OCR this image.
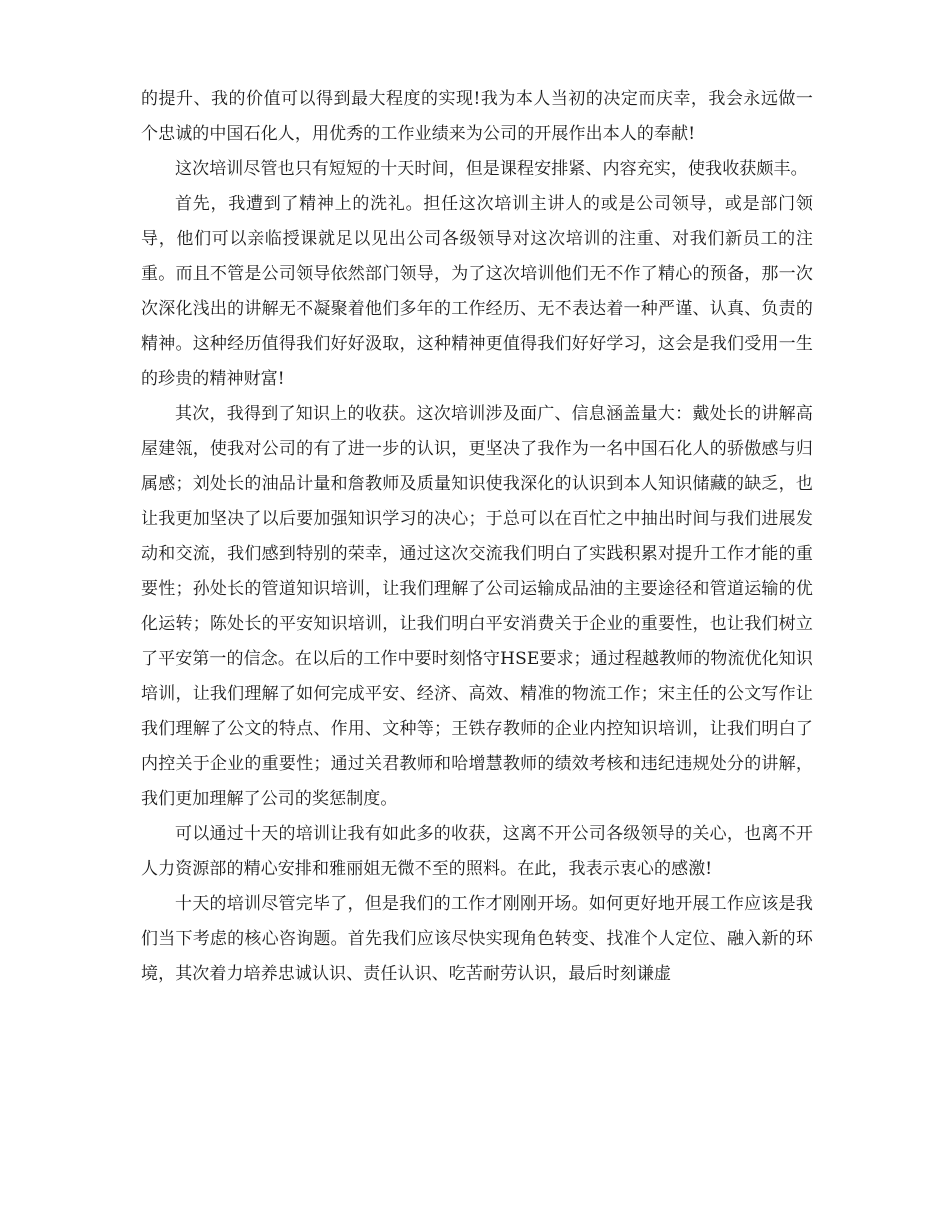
的提升、我的价值可以得到最大程度的实现!我为本人当初的决定而庆幸，我会永远做一个忠诚的中国石化人，用优秀的工作业绩来为公司的开展作出本人的奉献!

这次培训尽管也只有短短的十天时间，但是课程安排紧、内容充实，使我收获颇丰。

首先，我遭到了精神上的洗礼。担任这次培训主讲人的或是公司领导，或是部门领导，他们可以亲临授课就足以见出公司各级领导对这次培训的注重、对我们新员工的注重。而且不管是公司领导依然部门领导，为了这次培训他们无不作了精心的预备，那一次次深化浅出的讲解无不凝聚着他们多年的工作经历、无不表达着一种严谨、认真、负责的精神。这种经历值得我们好好汲取，这种精神更值得我们好好学习，这会是我们受用一生的珍贵的精神财富!

其次，我得到了知识上的收获。这次培训涉及面广、信息涵盖量大：戴处长的讲解高屋建瓴，使我对公司的有了进一步的认识，更坚决了我作为一名中国石化人的骄傲感与归属感；刘处长的油品计量和詹教师及质量知识使我深化的认识到本人知识储藏的缺乏，也让我更加坚决了以后要加强知识学习的决心；于总可以在百忙之中抽出时间与我们进展发动和交流，我们感到特别的荣幸，通过这次交流我们明白了实践积累对提升工作才能的重要性；孙处长的管道知识培训，让我们理解了公司运输成品油的主要途径和管道运输的优化运转；陈处长的平安知识培训，让我们明白平安消费关于企业的重要性，也让我们树立了平安第一的信念。在以后的工作中要时刻恪守HSE要求；通过程越教师的物流优化知识培训，让我们理解了如何完成平安、经济、高效、精准的物流工作；宋主任的公文写作让我们理解了公文的特点、作用、文种等；王铁存教师的企业内控知识培训，让我们明白了内控关于企业的重要性；通过关君教师和哈增慧教师的绩效考核和违纪违规处分的讲解，我们更加理解了公司的奖惩制度。

可以通过十天的培训让我有如此多的收获，这离不开公司各级领导的关心，也离不开人力资源部的精心安排和雅丽姐无微不至的照料。在此，我表示衷心的感激!

十天的培训尽管完毕了，但是我们的工作才刚刚开场。如何更好地开展工作应该是我们当下考虑的核心咨询题。首先我们应该尽快实现角色转变、找准个人定位、融入新的环境，其次着力培养忠诚认识、责任认识、吃苦耐劳认识，最后时刻谦虚
